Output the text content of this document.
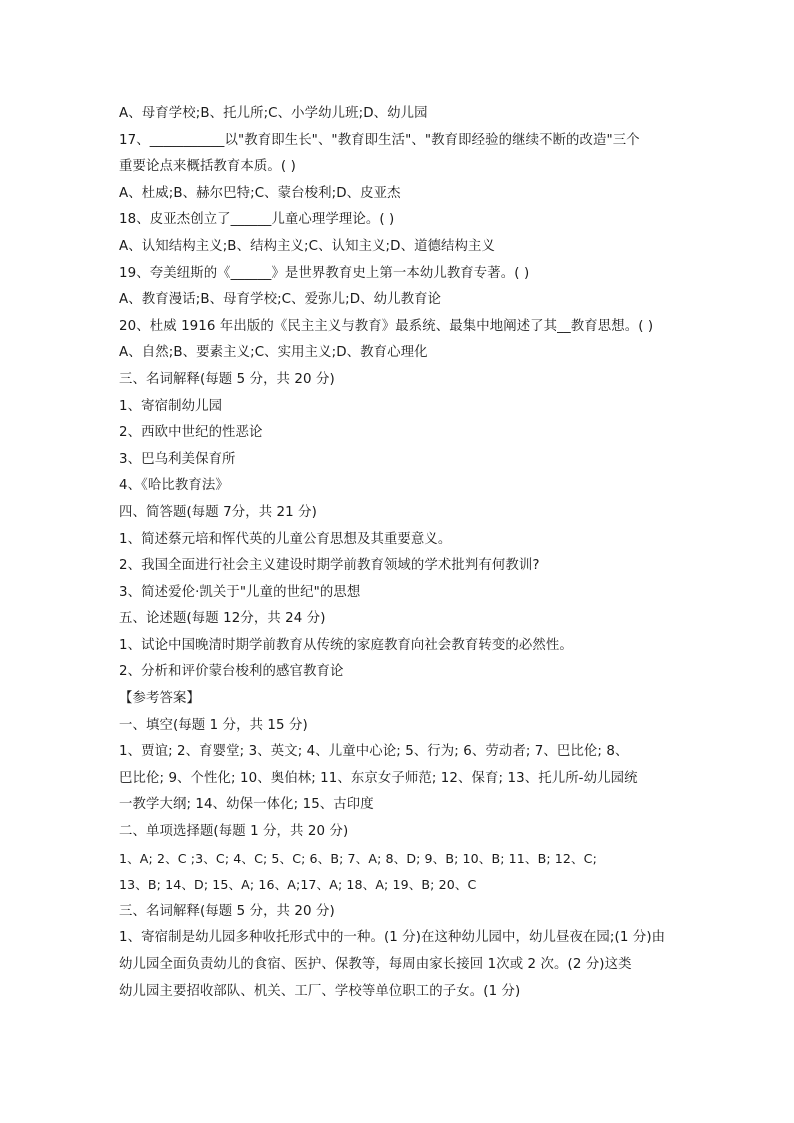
A、母育学校;B、托儿所;C、小学幼儿班;D、幼儿园
17、___________以"教育即生长"、"教育即生活"、"教育即经验的继续不断的改造"三个
重要论点来概括教育本质。( )
A、杜威;B、赫尔巴特;C、蒙台梭利;D、皮亚杰
18、皮亚杰创立了______儿童心理学理论。( )
A、认知结构主义;B、结构主义;C、认知主义;D、道德结构主义
19、夸美纽斯的《______》是世界教育史上第一本幼儿教育专著。( )
A、教育漫话;B、母育学校;C、爱弥儿;D、幼儿教育论
20、杜威 1916 年出版的《民主主义与教育》最系统、最集中地阐述了其__教育思想。( )
A、自然;B、要素主义;C、实用主义;D、教育心理化
三、名词解释(每题 5 分，共 20 分)
1、寄宿制幼儿园
2、西欧中世纪的性恶论
3、巴乌利美保育所
4、《哈比教育法》
四、简答题(每题 7分，共 21 分)
1、简述蔡元培和恽代英的儿童公育思想及其重要意义。
2、我国全面进行社会主义建设时期学前教育领域的学术批判有何教训?
3、简述爱伦·凯关于"儿童的世纪"的思想
五、论述题(每题 12分，共 24 分)
1、试论中国晚清时期学前教育从传统的家庭教育向社会教育转变的必然性。
2、分析和评价蒙台梭利的感官教育论
【参考答案】
一、填空(每题 1 分，共 15 分)
1、贾谊; 2、育婴堂; 3、英文; 4、儿童中心论; 5、行为; 6、劳动者; 7、巴比伦; 8、
巴比伦; 9、个性化; 10、奥伯林; 11、东京女子师范; 12、保育; 13、托儿所-幼儿园统
一教学大纲; 14、幼保一体化; 15、古印度
二、单项选择题(每题 1 分，共 20 分)
1、A; 2、C ;3、C; 4、C; 5、C; 6、B; 7、A; 8、D; 9、B; 10、B; 11、B; 12、C;
13、B; 14、D; 15、A; 16、A;17、A; 18、A; 19、B; 20、C
三、名词解释(每题 5 分，共 20 分)
1、寄宿制是幼儿园多种收托形式中的一种。(1 分)在这种幼儿园中，幼儿昼夜在园;(1 分)由
幼儿园全面负责幼儿的食宿、医护、保教等，每周由家长接回 1次或 2 次。(2 分)这类
幼儿园主要招收部队、机关、工厂、学校等单位职工的子女。(1 分)
